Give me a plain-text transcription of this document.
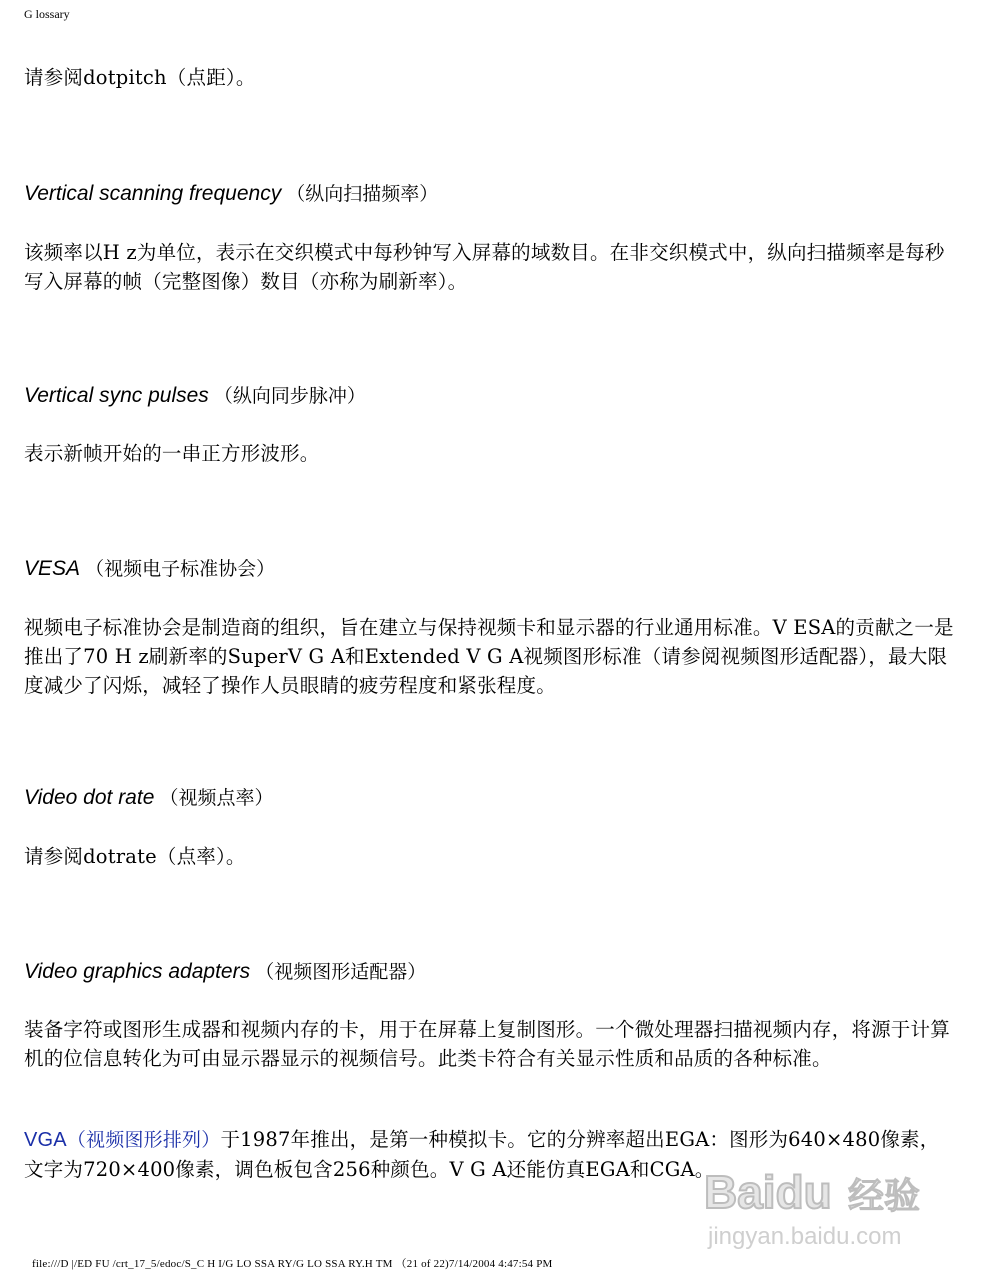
G lossary

请参阅dotpitch（点距）。

Vertical scanning frequency （纵向扫描频率）

该频率以H z为单位，表示在交织模式中每秒钟写入屏幕的域数目。在非交织模式中，纵向扫描频率是每秒写入屏幕的帧（完整图像）数目（亦称为刷新率）。

Vertical sync pulses （纵向同步脉冲）

表示新帧开始的一串正方形波形。

VESA （视频电子标准协会）

视频电子标准协会是制造商的组织，旨在建立与保持视频卡和显示器的行业通用标准。V ESA的贡献之一是推出了70 H z刷新率的SuperV G A和Extended V G A视频图形标准（请参阅视频图形适配器），最大限度减少了闪烁，减轻了操作人员眼睛的疲劳程度和紧张程度。

Video dot rate （视频点率）

请参阅dotrate（点率）。

Video graphics adapters （视频图形适配器）

装备字符或图形生成器和视频内存的卡，用于在屏幕上复制图形。一个微处理器扫描视频内存，将源于计算机的位信息转化为可由显示器显示的视频信号。此类卡符合有关显示性质和品质的各种标准。

VGA（视频图形排列）于1987年推出，是第一种模拟卡。它的分辨率超出EGA：图形为640×480像素，文字为720×400像素，调色板包含256种颜色。V G A还能仿真EGA和CGA。

Baidu 经验
jingyan.baidu.com
file:///D |/ED FU /crt_17_5/edoc/S_C H I/G LO SSA RY/G LO SSA RY.H TM （21 of 22)7/14/2004 4:47:54 PM
